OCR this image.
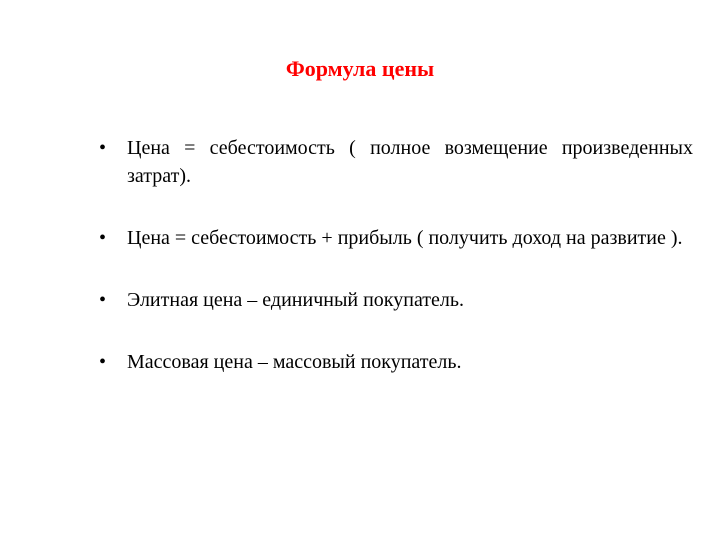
Формула цены
• Цена = себестоимость ( полное возмещение произведенных затрат).
• Цена = себестоимость + прибыль ( получить доход на развитие ).
• Элитная цена – единичный покупатель.
• Массовая цена – массовый покупатель.
